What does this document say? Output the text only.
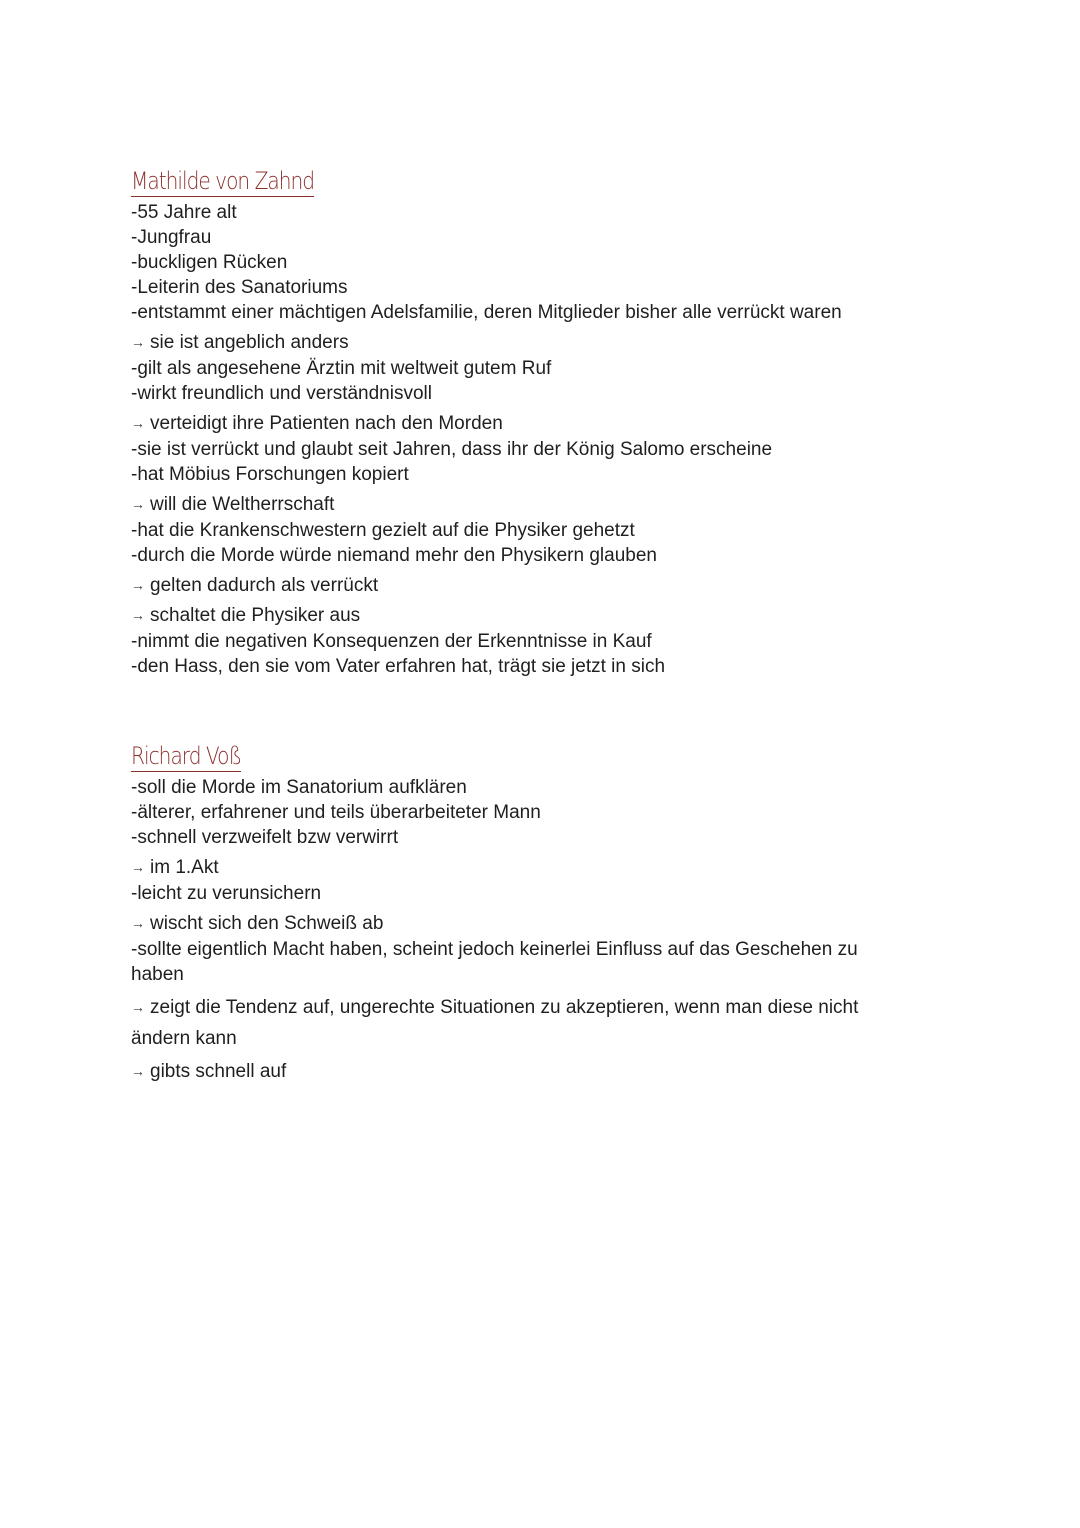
Mathilde von Zahnd
-55 Jahre alt
-Jungfrau
-buckligen Rücken
-Leiterin des Sanatoriums
-entstammt einer mächtigen Adelsfamilie, deren Mitglieder bisher alle verrückt waren
→ sie ist angeblich anders
-gilt als angesehene Ärztin mit weltweit gutem Ruf
-wirkt freundlich und verständnisvoll
→ verteidigt ihre Patienten nach den Morden
-sie ist verrückt und glaubt seit Jahren, dass ihr der König Salomo erscheine
-hat Möbius Forschungen kopiert
→ will die Weltherrschaft
-hat die Krankenschwestern gezielt auf die Physiker gehetzt
-durch die Morde würde niemand mehr den Physikern glauben
→ gelten dadurch als verrückt
→ schaltet die Physiker aus
-nimmt die negativen Konsequenzen der Erkenntnisse in Kauf
-den Hass, den sie vom Vater erfahren hat, trägt sie jetzt in sich
Richard Voß
-soll die Morde im Sanatorium aufklären
-älterer, erfahrener und teils überarbeiteter Mann
-schnell verzweifelt bzw verwirrt
→ im 1.Akt
-leicht zu verunsichern
→ wischt sich den Schweiß ab
-sollte eigentlich Macht haben, scheint jedoch keinerlei Einfluss auf das Geschehen zu haben
→ zeigt die Tendenz auf, ungerechte Situationen zu akzeptieren, wenn man diese nicht ändern kann
→ gibts schnell auf
